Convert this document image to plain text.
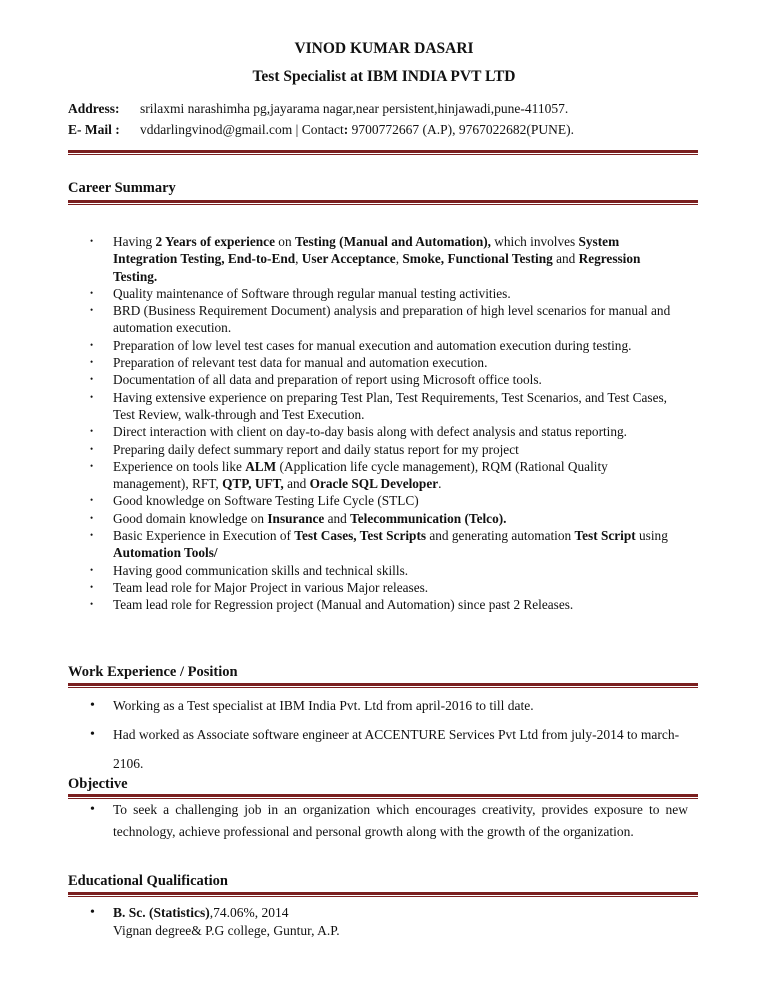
VINOD KUMAR DASARI
Test Specialist at IBM INDIA PVT LTD
Address: srilaxmi narashimha pg,jayarama nagar,near persistent,hinjawadi,pune-411057.
E- Mail : vddarlingvinod@gmail.com | Contact: 9700772667 (A.P), 9767022682(PUNE).
Career Summary
• Having 2 Years of experience on Testing (Manual and Automation), which involves System Integration Testing, End-to-End, User Acceptance, Smoke, Functional Testing and Regression Testing.
• Quality maintenance of Software through regular manual testing activities.
• BRD (Business Requirement Document) analysis and preparation of high level scenarios for manual and automation execution.
• Preparation of low level test cases for manual execution and automation execution during testing.
• Preparation of relevant test data for manual and automation execution.
• Documentation of all data and preparation of report using Microsoft office tools.
• Having extensive experience on preparing Test Plan, Test Requirements, Test Scenarios, and Test Cases, Test Review, walk-through and Test Execution.
• Direct interaction with client on day-to-day basis along with defect analysis and status reporting.
• Preparing daily defect summary report and daily status report for my project
• Experience on tools like ALM (Application life cycle management), RQM (Rational Quality management), RFT, QTP, UFT, and Oracle SQL Developer.
• Good knowledge on Software Testing Life Cycle (STLC)
• Good domain knowledge on Insurance and Telecommunication (Telco).
• Basic Experience in Execution of Test Cases, Test Scripts and generating automation Test Script using Automation Tools/
• Having good communication skills and technical skills.
• Team lead role for Major Project in various Major releases.
• Team lead role for Regression project (Manual and Automation) since past 2 Releases.
Work Experience / Position
• Working as a Test specialist at IBM India Pvt. Ltd from april-2016 to till date.
• Had worked as Associate software engineer at ACCENTURE Services Pvt Ltd from july-2014 to march-2106.
Objective
• To seek a challenging job in an organization which encourages creativity, provides exposure to new technology, achieve professional and personal growth along with the growth of the organization.
Educational Qualification
• B. Sc. (Statistics),74.06%, 2014
Vignan degree& P.G college, Guntur, A.P.
